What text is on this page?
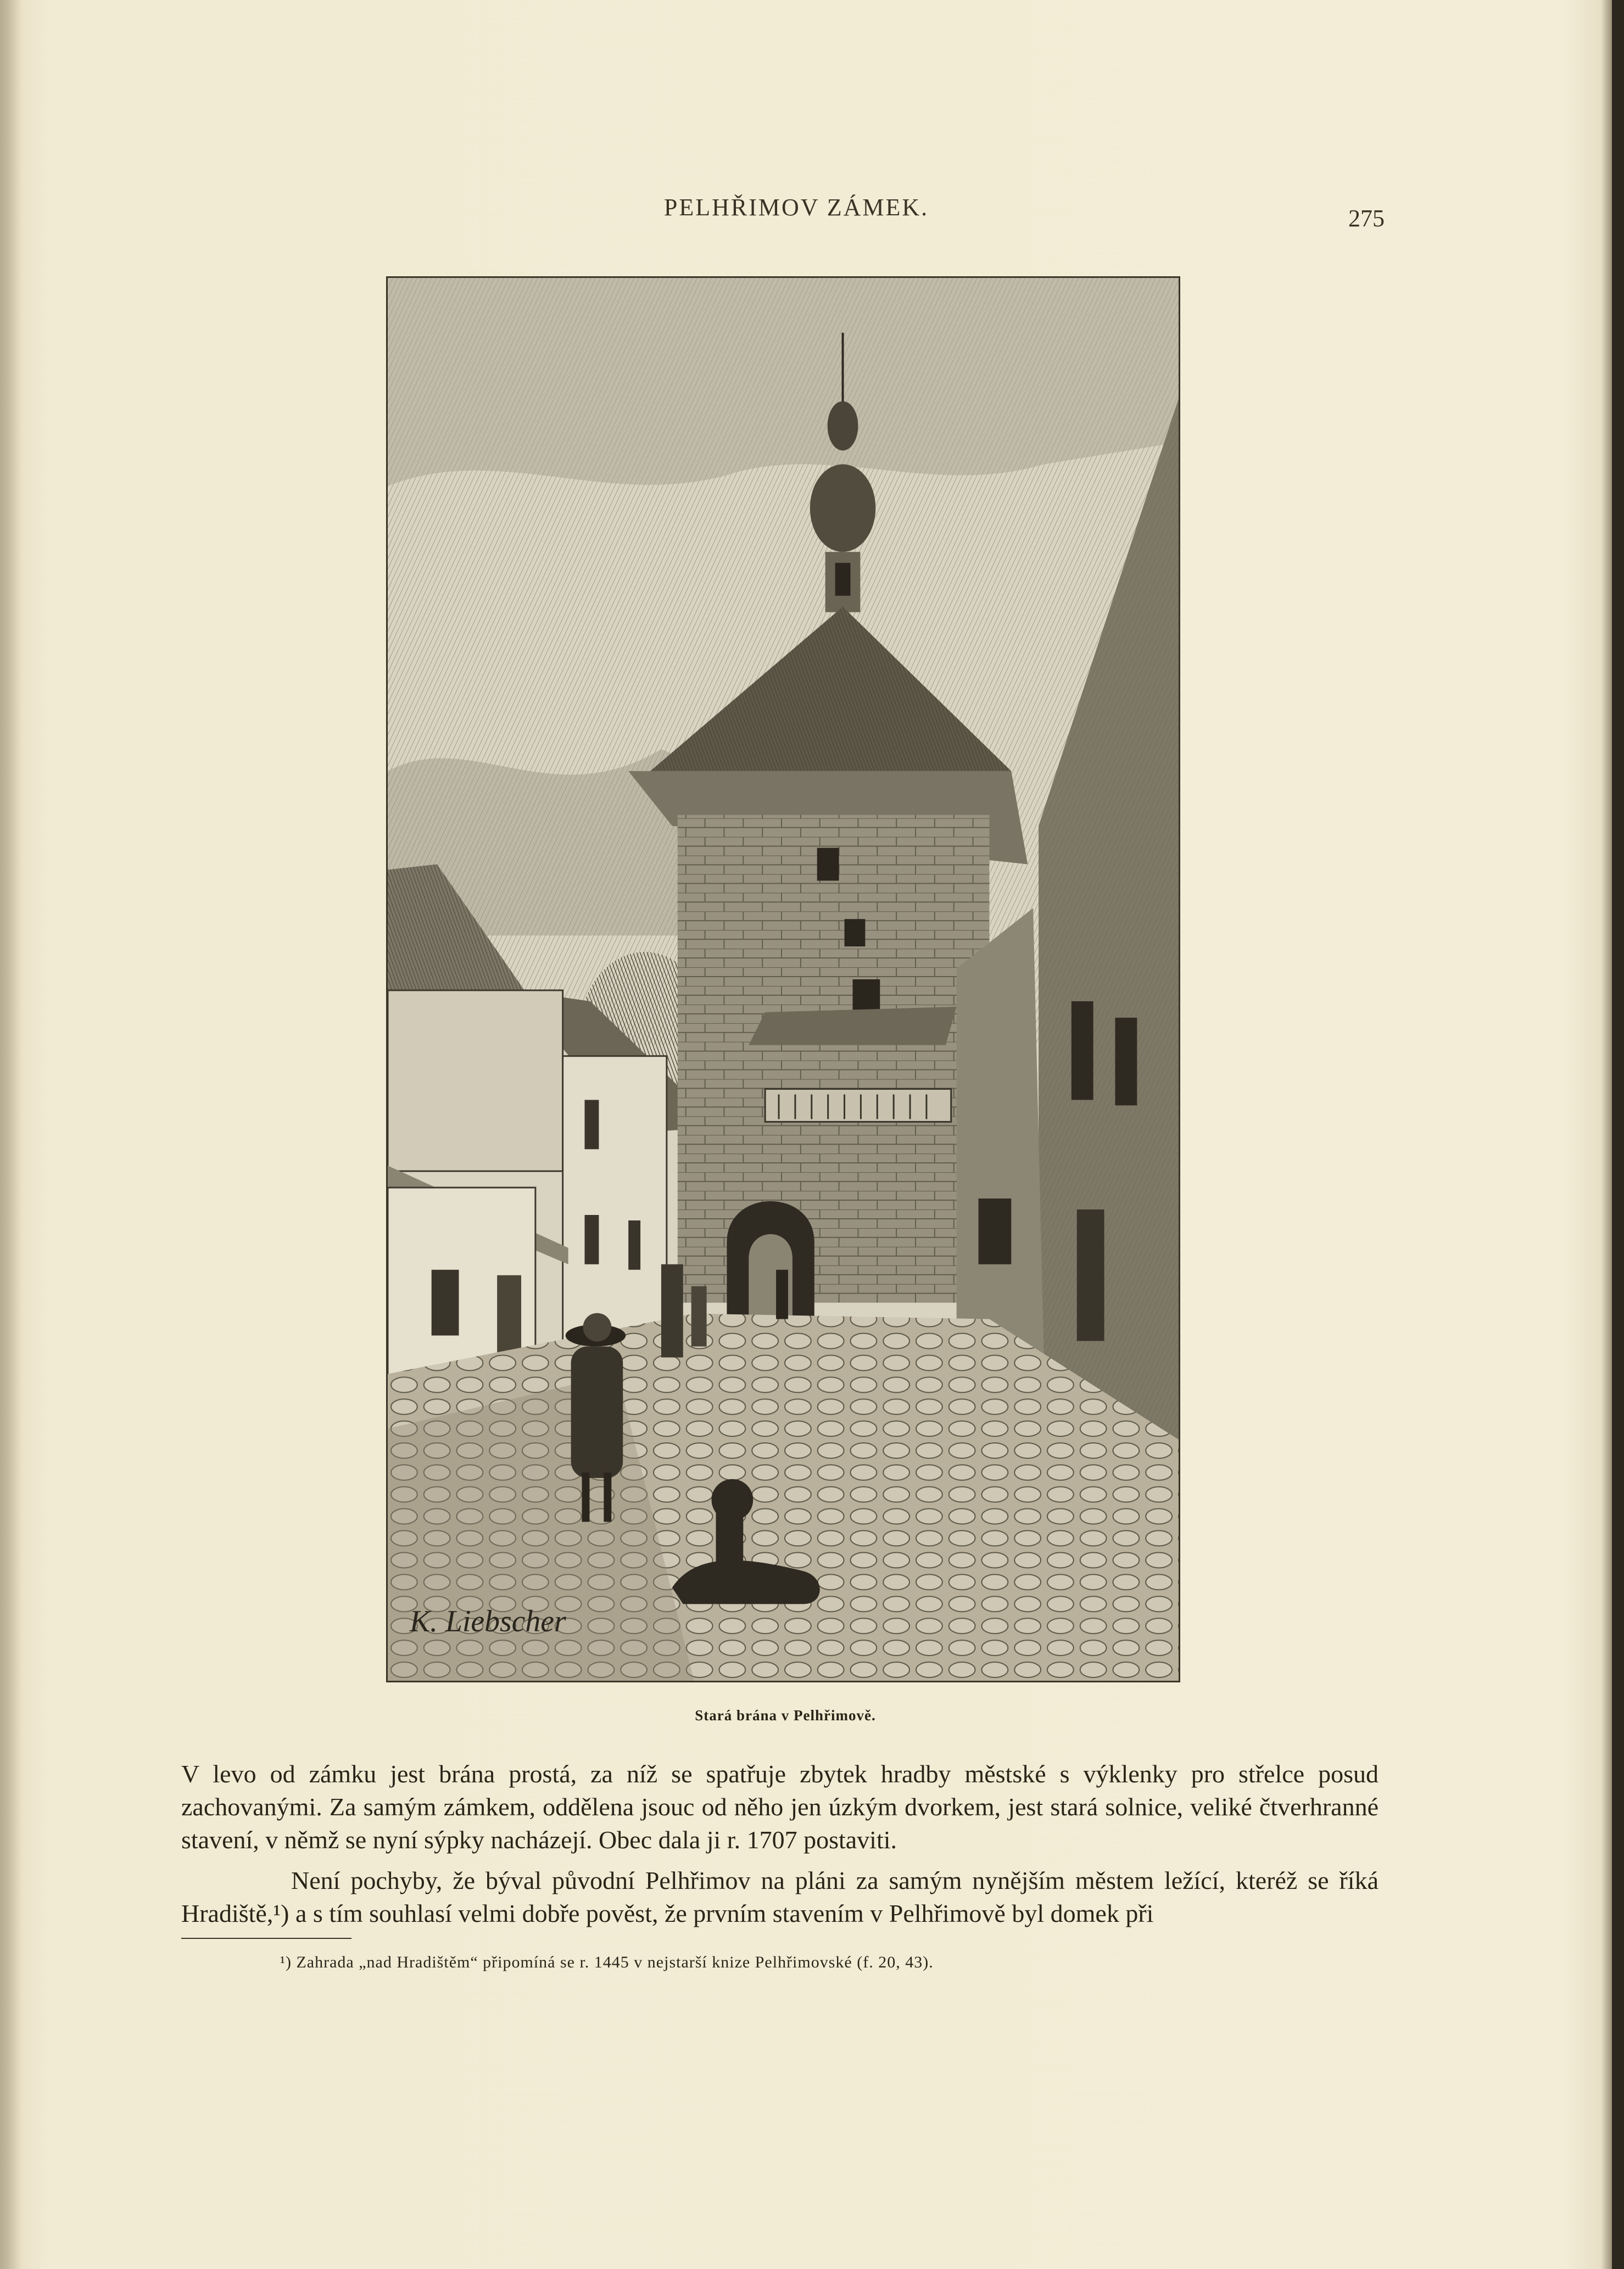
PELHŘIMOV ZÁMEK.	275
K. Liebscher
Stará brána v Pelhřimově.

V levo od zámku jest brána prostá, za níž se spatřuje zbytek hradby městské s výklenky pro střelce posud zachovanými. Za samým zámkem, oddělena jsouc od něho jen úzkým dvorkem, jest stará solnice, veliké čtverhranné stavení, v němž se nyní sýpky nacházejí. Obec dala ji r. 1707 postaviti.

Není pochyby, že býval původní Pelhřimov na pláni za samým nynějším městem ležící, kteréž se říká Hradiště,¹) a s tím souhlasí velmi dobře pověst, že prvním stavením v Pelhřimově byl domek při

¹) Zahrada „nad Hradištěm“ připomíná se r. 1445 v nejstarší knize Pelhřimovské (f. 20, 43).
